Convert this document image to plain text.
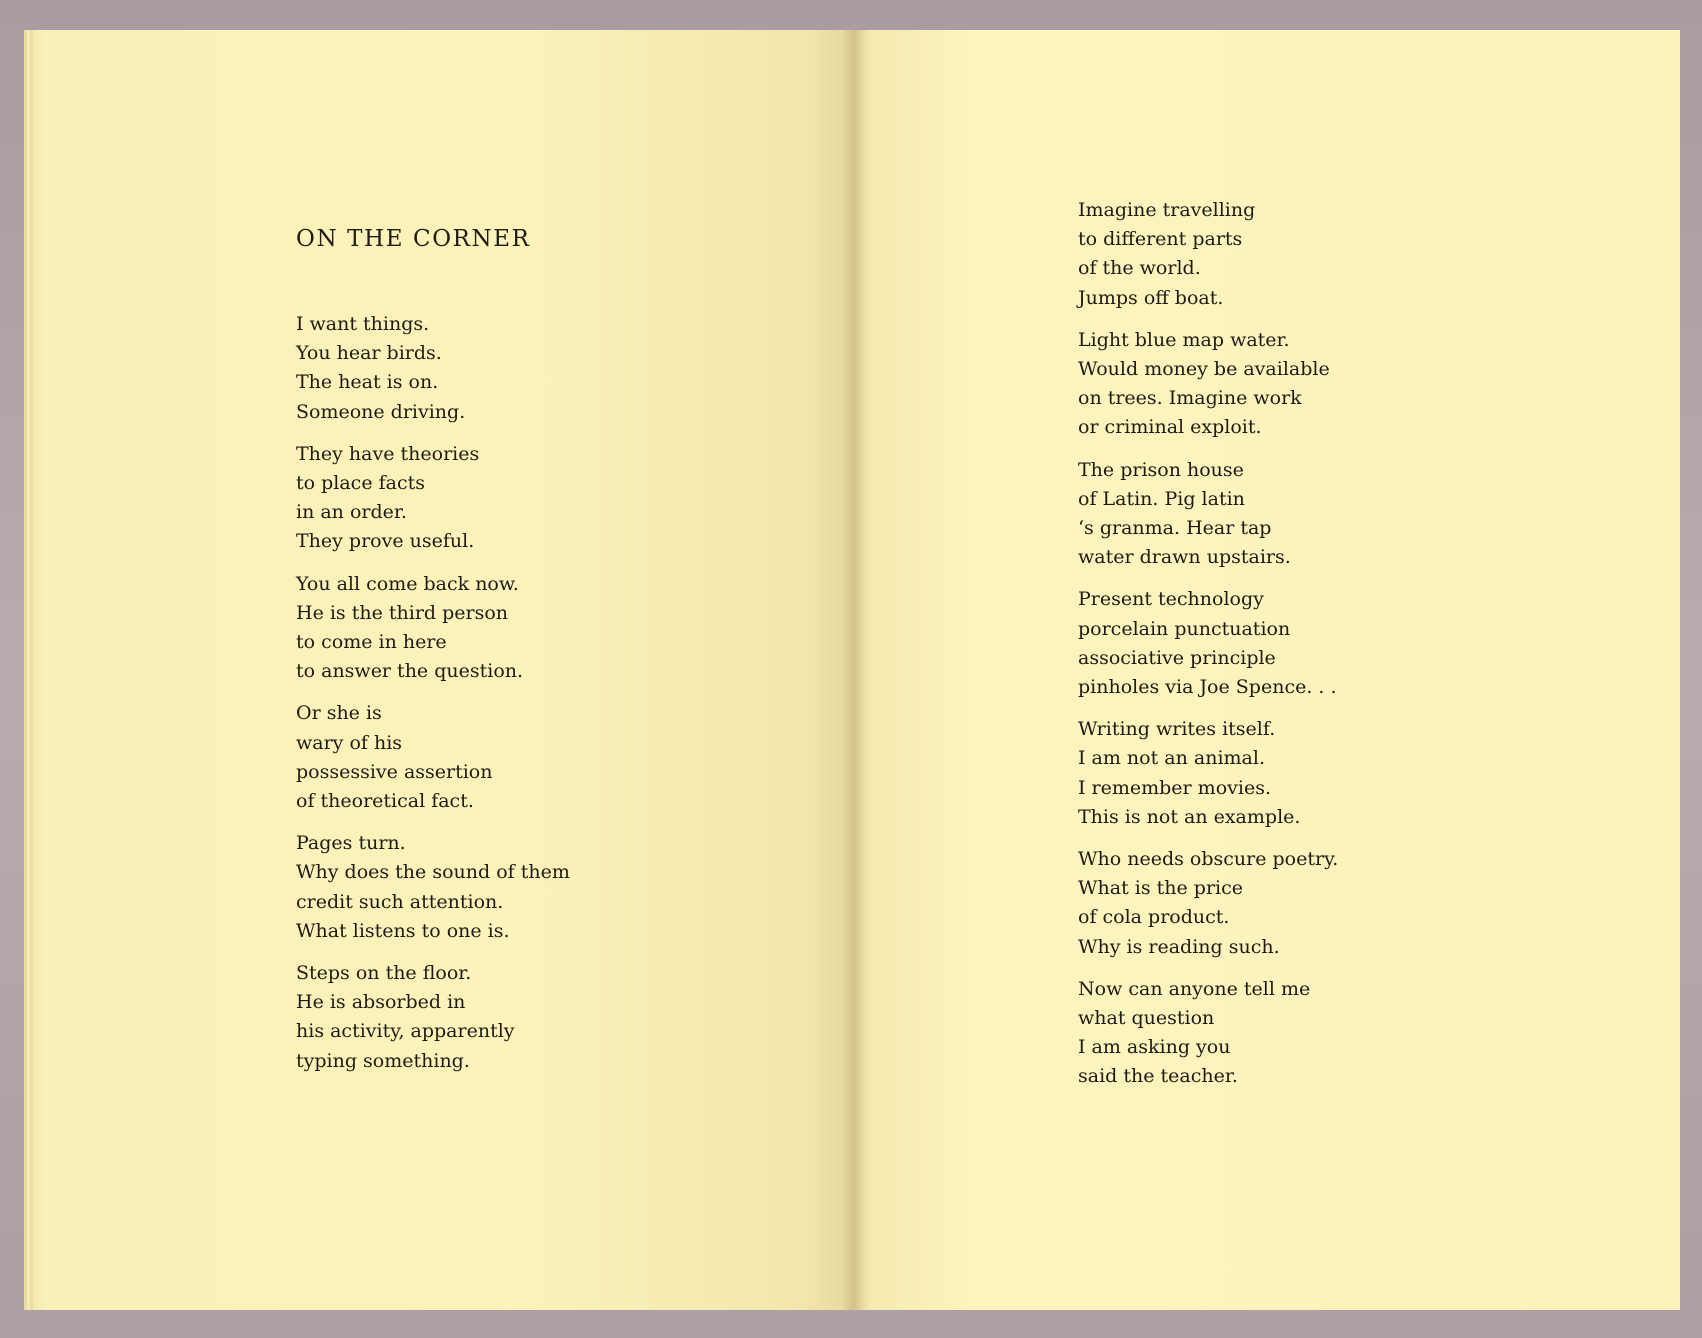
ON THE CORNER
I want things.
You hear birds.
The heat is on.
Someone driving.
They have theories
to place facts
in an order.
They prove useful.
You all come back now.
He is the third person
to come in here
to answer the question.
Or she is
wary of his
possessive assertion
of theoretical fact.
Pages turn.
Why does the sound of them
credit such attention.
What listens to one is.
Steps on the floor.
He is absorbed in
his activity, apparently
typing something.
Imagine travelling
to different parts
of the world.
Jumps off boat.
Light blue map water.
Would money be available
on trees. Imagine work
or criminal exploit.
The prison house
of Latin. Pig latin
‘s granma. Hear tap
water drawn upstairs.
Present technology
porcelain punctuation
associative principle
pinholes via Joe Spence. . .
Writing writes itself.
I am not an animal.
I remember movies.
This is not an example.
Who needs obscure poetry.
What is the price
of cola product.
Why is reading such.
Now can anyone tell me
what question
I am asking you
said the teacher.
